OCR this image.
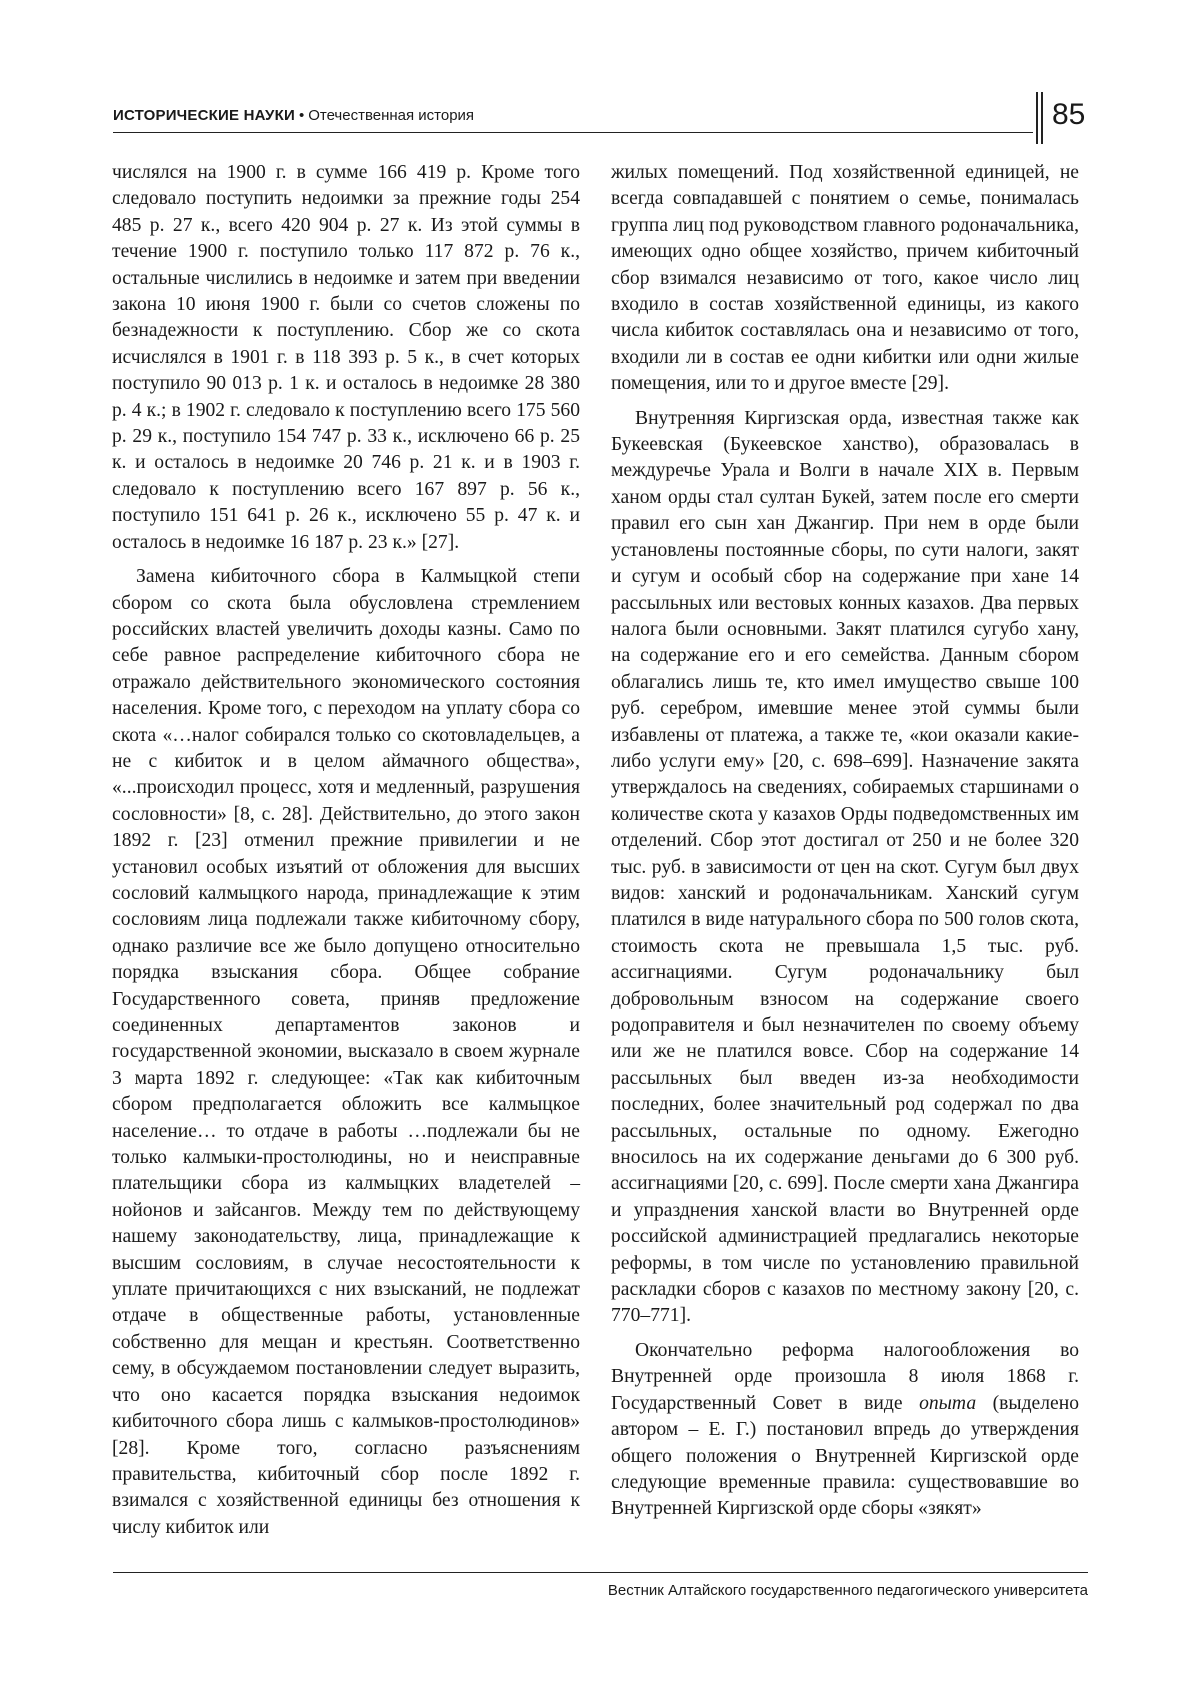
ИСТОРИЧЕСКИЕ НАУКИ • Отечественная история	85

числялся на 1900 г. в сумме 166 419 р. Кроме того следовало поступить недоимки за прежние годы 254 485 р. 27 к., всего 420 904 р. 27 к. Из этой суммы в течение 1900 г. поступило только 117 872 р. 76 к., остальные числились в недоимке и затем при введении закона 10 июня 1900 г. были со счетов сложены по безнадежности к поступлению. Сбор же со скота исчислялся в 1901 г. в 118 393 р. 5 к., в счет которых поступило 90 013 р. 1 к. и осталось в недоимке 28 380 р. 4 к.; в 1902 г. следовало к поступлению всего 175 560 р. 29 к., поступило 154 747 р. 33 к., исключено 66 р. 25 к. и осталось в недоимке 20 746 р. 21 к. и в 1903 г. следовало к поступлению всего 167 897 р. 56 к., поступило 151 641 р. 26 к., исключено 55 р. 47 к. и осталось в недоимке 16 187 р. 23 к.» [27].

Замена кибиточного сбора в Калмыцкой степи сбором со скота была обусловлена стремлением российских властей увеличить доходы казны. Само по себе равное распределение кибиточного сбора не отражало действительного экономического состояния населения. Кроме того, с переходом на уплату сбора со скота «…налог собирался только со скотовладельцев, а не с кибиток и в целом аймачного общества», «...происходил процесс, хотя и медленный, разрушения сословности» [8, с. 28]. Действительно, до этого закон 1892 г. [23] отменил прежние привилегии и не установил особых изъятий от обложения для высших сословий калмыцкого народа, принадлежащие к этим сословиям лица подлежали также кибиточному сбору, однако различие все же было допущено относительно порядка взыскания сбора. Общее собрание Государственного совета, приняв предложение соединенных департаментов законов и государственной экономии, высказало в своем журнале 3 марта 1892 г. следующее: «Так как кибиточным сбором предполагается обложить все калмыцкое население… то отдаче в работы …подлежали бы не только калмыки-простолюдины, но и неисправные плательщики сбора из калмыцких владетелей – нойонов и зайсангов. Между тем по действующему нашему законодательству, лица, принадлежащие к высшим сословиям, в случае несостоятельности к уплате причитающихся с них взысканий, не подлежат отдаче в общественные работы, установленные собственно для мещан и крестьян. Соответственно сему, в обсуждаемом постановлении следует выразить, что оно касается порядка взыскания недоимок кибиточного сбора лишь с калмыков-простолюдинов» [28]. Кроме того, согласно разъяснениям правительства, кибиточный сбор после 1892 г. взимался с хозяйственной единицы без отношения к числу кибиток или

жилых помещений. Под хозяйственной единицей, не всегда совпадавшей с понятием о семье, понималась группа лиц под руководством главного родоначальника, имеющих одно общее хозяйство, причем кибиточный сбор взимался независимо от того, какое число лиц входило в состав хозяйственной единицы, из какого числа кибиток составлялась она и независимо от того, входили ли в состав ее одни кибитки или одни жилые помещения, или то и другое вместе [29].

Внутренняя Киргизская орда, известная также как Букеевская (Букеевское ханство), образовалась в междуречье Урала и Волги в начале XIX в. Первым ханом орды стал султан Букей, затем после его смерти правил его сын хан Джангир. При нем в орде были установлены постоянные сборы, по сути налоги, закят и сугум и особый сбор на содержание при хане 14 рассыльных или вестовых конных казахов. Два первых налога были основными. Закят платился сугубо хану, на содержание его и его семейства. Данным сбором облагались лишь те, кто имел имущество свыше 100 руб. серебром, имевшие менее этой суммы были избавлены от платежа, а также те, «кои оказали какие-либо услуги ему» [20, с. 698–699]. Назначение закята утверждалось на сведениях, собираемых старшинами о количестве скота у казахов Орды подведомственных им отделений. Сбор этот достигал от 250 и не более 320 тыс. руб. в зависимости от цен на скот. Сугум был двух видов: ханский и родоначальникам. Ханский сугум платился в виде натурального сбора по 500 голов скота, стоимость скота не превышала 1,5 тыс. руб. ассигнациями. Сугум родоначальнику был добровольным взносом на содержание своего родоправителя и был незначителен по своему объему или же не платился вовсе. Сбор на содержание 14 рассыльных был введен из-за необходимости последних, более значительный род содержал по два рассыльных, остальные по одному. Ежегодно вносилось на их содержание деньгами до 6 300 руб. ассигнациями [20, с. 699]. После смерти хана Джангира и упразднения ханской власти во Внутренней орде российской администрацией предлагались некоторые реформы, в том числе по установлению правильной раскладки сборов с казахов по местному закону [20, с. 770–771].

Окончательно реформа налогообложения во Внутренней орде произошла 8 июля 1868 г. Государственный Совет в виде опыта (выделено автором – Е. Г.) постановил впредь до утверждения общего положения о Внутренней Киргизской орде следующие временные правила: существовавшие во Внутренней Киргизской орде сборы «зякят»

Вестник Алтайского государственного педагогического университета
